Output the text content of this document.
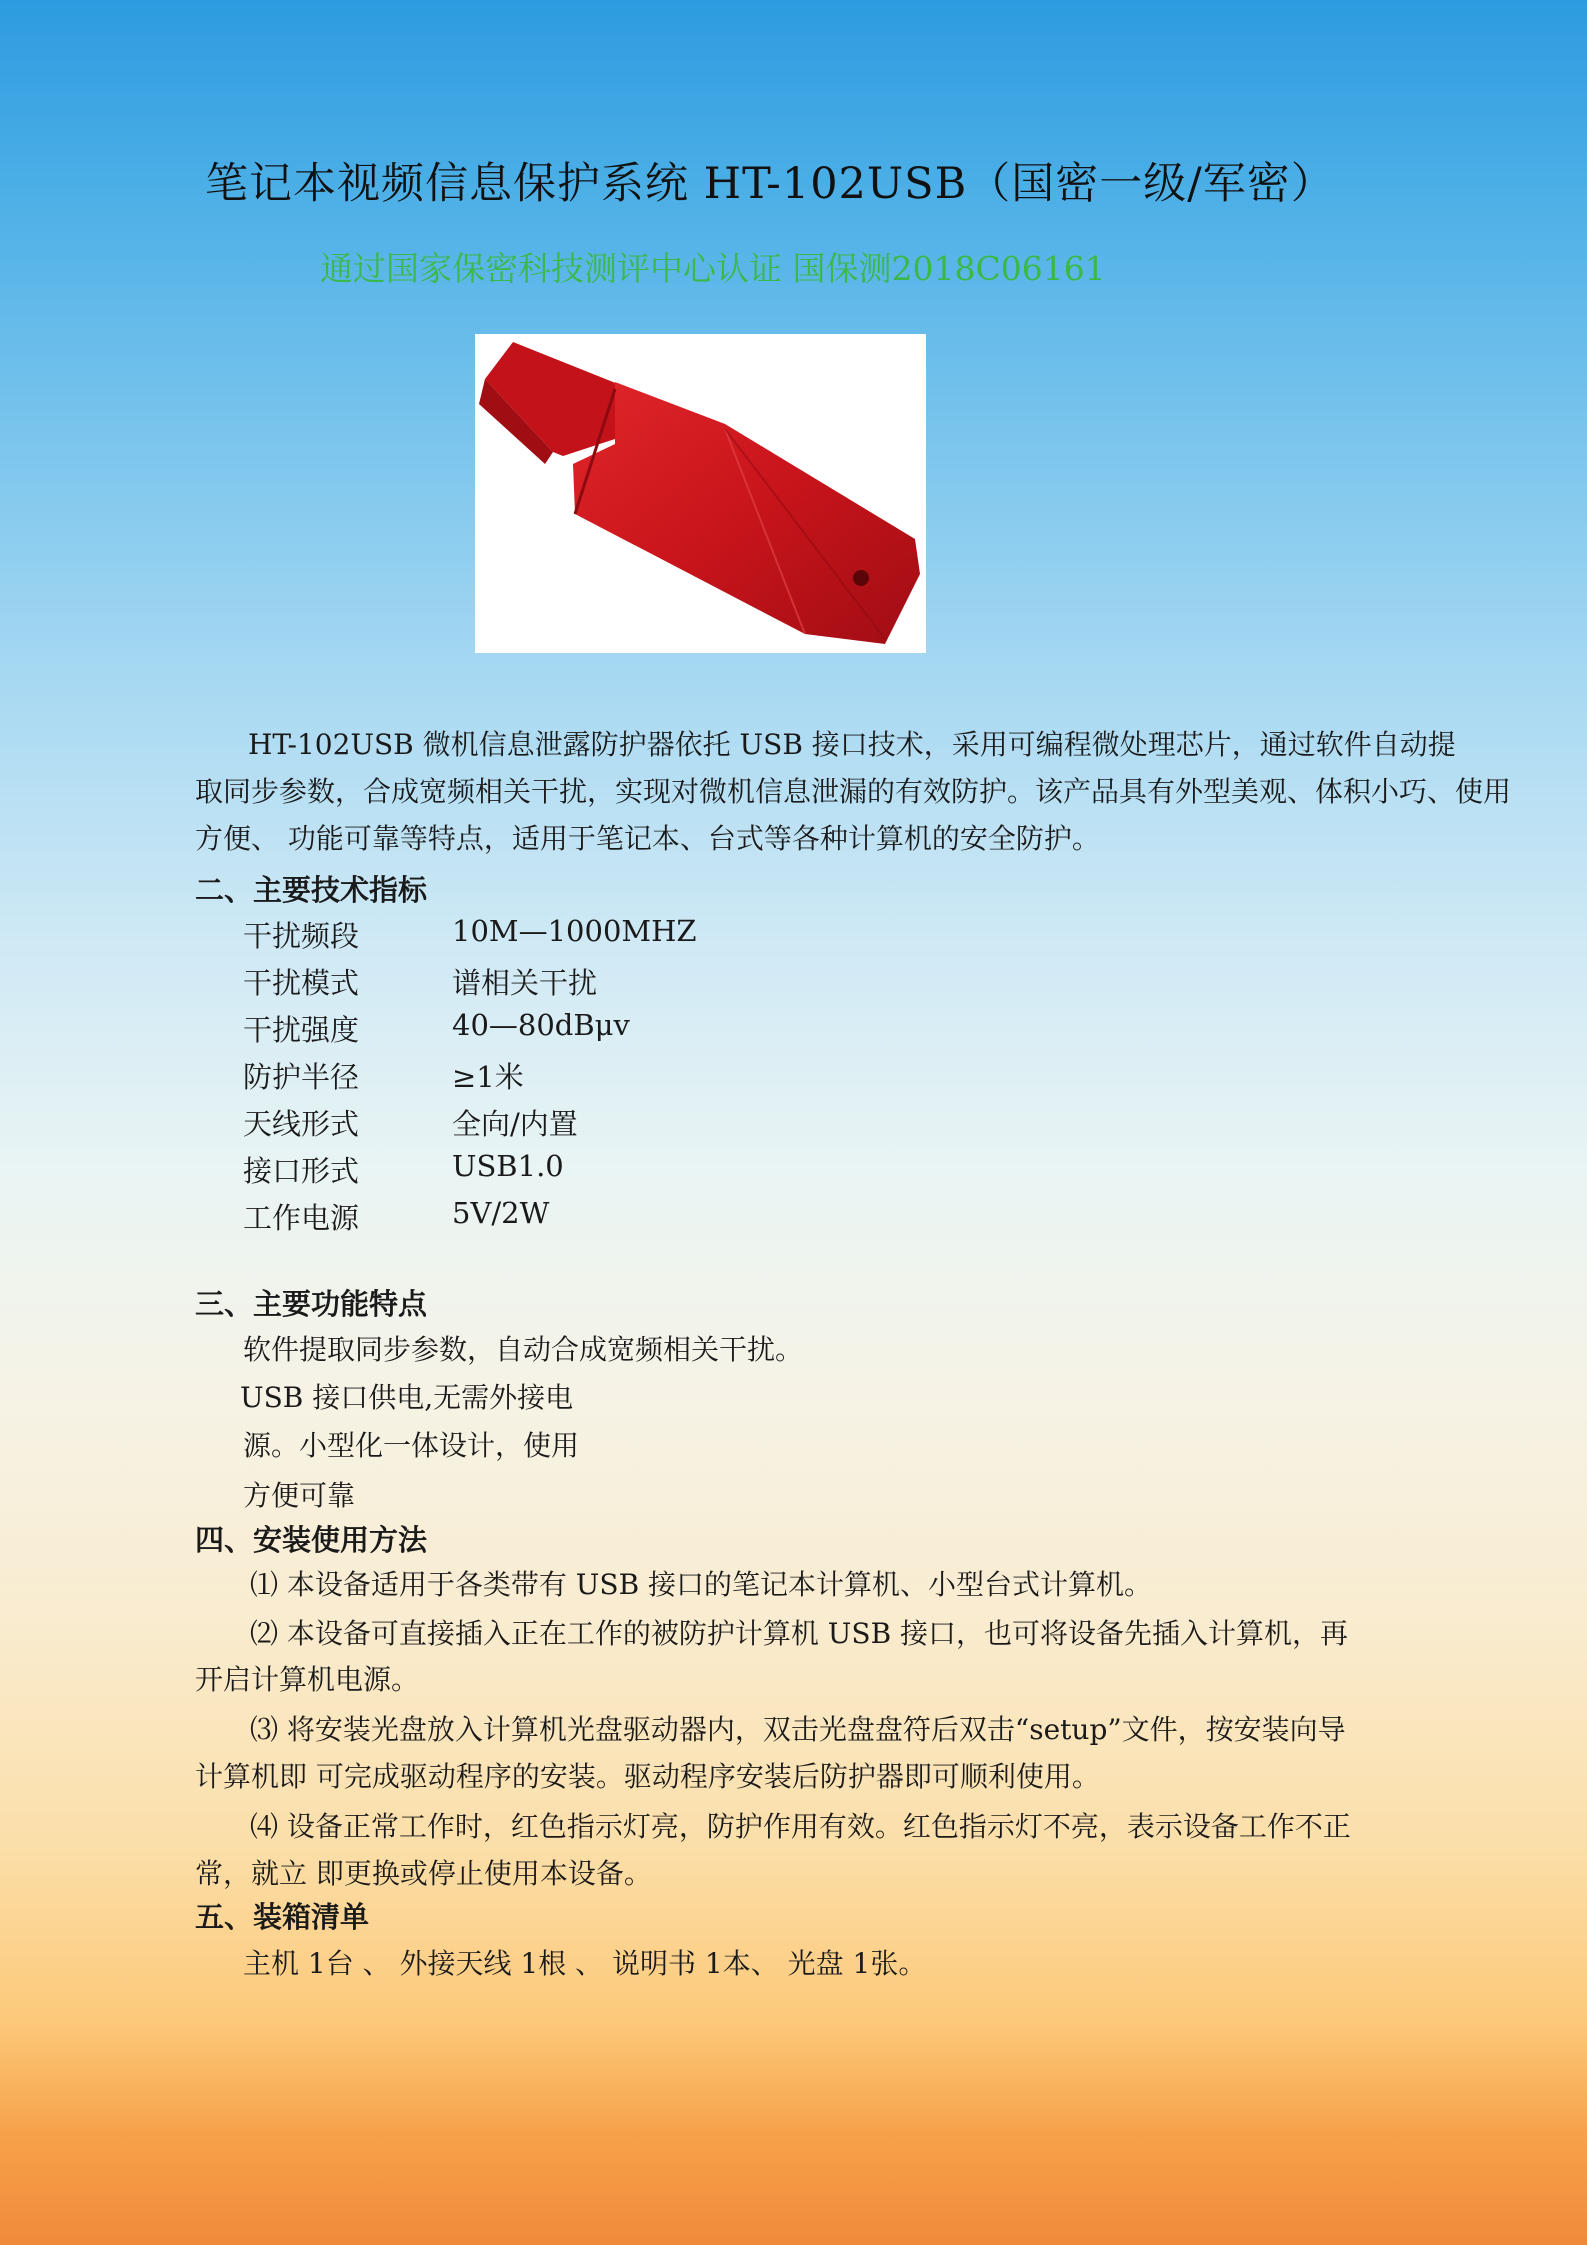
笔记本视频信息保护系统 HT-102USB（国密一级/军密）
通过国家保密科技测评中心认证 国保测2018C06161
HT-102USB 微机信息泄露防护器依托 USB 接口技术，采用可编程微处理芯片，通过软件自动提
取同步参数，合成宽频相关干扰，实现对微机信息泄漏的有效防护。该产品具有外型美观、体积小巧、使用
方便、 功能可靠等特点，适用于笔记本、台式等各种计算机的安全防护。
二、主要技术指标
干扰频段	10M—1000MHZ
干扰模式	谱相关干扰
干扰强度	40—80dBμv
防护半径	≥1米
天线形式	全向/内置
接口形式	USB1.0
工作电源	5V/2W
三、主要功能特点
软件提取同步参数，自动合成宽频相关干扰。
USB 接口供电,无需外接电
源。小型化一体设计，使用
方便可靠
四、安装使用方法
⑴ 本设备适用于各类带有 USB 接口的笔记本计算机、小型台式计算机。
⑵ 本设备可直接插入正在工作的被防护计算机 USB 接口，也可将设备先插入计算机，再
开启计算机电源。
⑶ 将安装光盘放入计算机光盘驱动器内，双击光盘盘符后双击“setup”文件，按安装向导
计算机即 可完成驱动程序的安装。驱动程序安装后防护器即可顺利使用。
⑷ 设备正常工作时，红色指示灯亮，防护作用有效。红色指示灯不亮，表示设备工作不正
常，就立 即更换或停止使用本设备。
五、装箱清单
主机 1台 、 外接天线 1根 、 说明书 1本、 光盘 1张。
